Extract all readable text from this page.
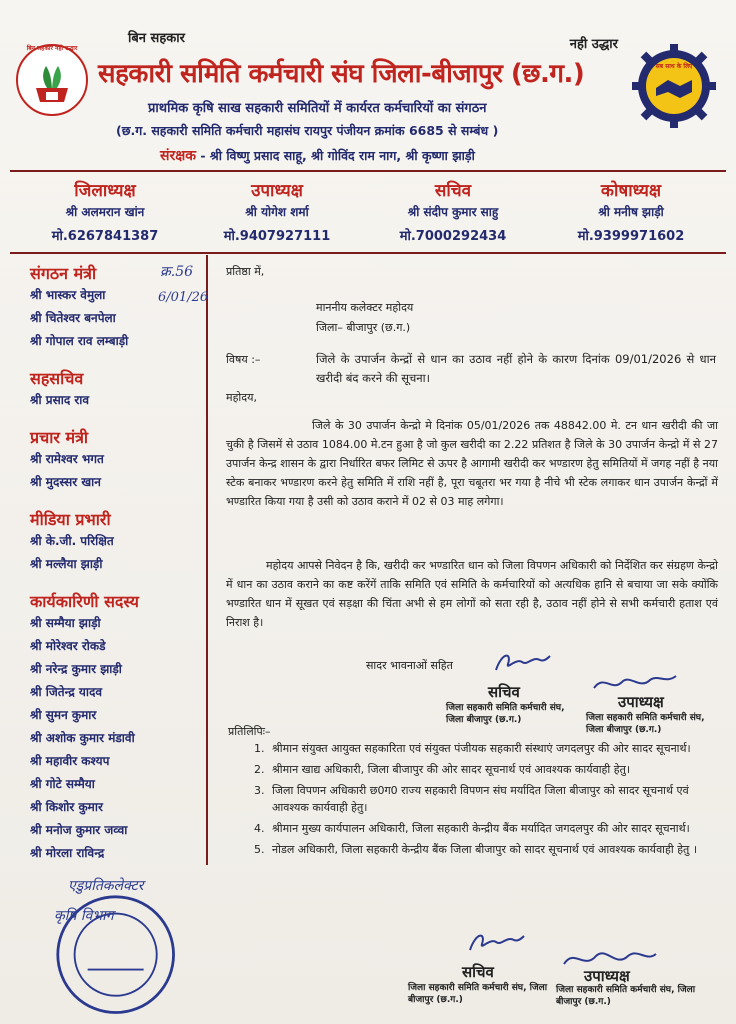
बिन सहकार नही उद्धार
बिन सहकार	नही उद्धार
सहकारी समिति कर्मचारी संघ जिला-बीजापुर (छ.ग.)
प्राथमिक कृषि साख सहकारी समितियों में कार्यरत कर्मचारियों का संगठन
(छ.ग. सहकारी समिति कर्मचारी महासंघ रायपुर पंजीयन क्रमांक 6685 से सम्बंध )
संरक्षक - श्री विष्णु प्रसाद साहू, श्री गोविंद राम नाग, श्री कृष्णा झाड़ी
सब साथ के लिए
जिलाध्यक्ष
श्री अलमरान खांन
मो.6267841387
उपाध्यक्ष
श्री योगेश शर्मा
मो.9407927111
सचिव
श्री संदीप कुमार साहु
मो.7000292434
कोषाध्यक्ष
श्री मनीष झाड़ी
मो.9399971602
संगठन मंत्री
श्री भास्कर वेमुला
श्री चितेश्वर बनपेला
श्री गोपाल राव लम्बाड़ी
सहसचिव
श्री प्रसाद राव
प्रचार मंत्री
श्री रामेश्वर भगत
श्री मुदस्सर खान
मीडिया प्रभारी
श्री के.जी. परिक्षित
श्री मल्लैया झाड़ी
कार्यकारिणी सदस्य
श्री सम्मैया झाड़ी
श्री मोरेश्वर रोकडे
श्री नरेन्द्र कुमार झाड़ी
श्री जितेन्द्र यादव
श्री सुमन कुमार
श्री अशोक कुमार मंडावी
श्री महावीर कश्यप
श्री गोटे सम्मैया
श्री किशोर कुमार
श्री मनोज कुमार जव्वा
श्री मोरला राविन्द्र
क्र.56
6/01/26
प्रतिष्ठा में,
माननीय कलेक्टर महोदय
जिला– बीजापुर (छ.ग.)
विषय :–	जिले के उपार्जन केन्द्रों से धान का उठाव नहीं होने के कारण दिनांक 09/01/2026 से धान खरीदी बंद करने की सूचना।
महोदय,
जिले के 30 उपार्जन केन्द्रो मे दिनांक 05/01/2026 तक 48842.00 मे. टन धान खरीदी की जा चुकी है जिसमें से उठाव 1084.00 मे.टन हुआ है जो कुल खरीदी का 2.22 प्रतिशत है जिले के 30 उपार्जन केन्द्रो में से 27 उपार्जन केन्द्र शासन के द्वारा निर्धारित बफर लिमिट से ऊपर है आगामी खरीदी कर भण्डारण हेतु समितियों में जगह नहीं है नया स्टेक बनाकर भण्डारण करने हेतु समिति में राशि नहीं है, पूरा चबूतरा भर गया है नीचे भी स्टेक लगाकर धान उपार्जन केन्द्रों में भण्डारित किया गया है उसी को उठाव कराने में 02 से 03 माह लगेगा।
महोदय आपसे निवेदन है कि, खरीदी कर भण्डारित धान को जिला विपणन अधिकारी को निर्देशित कर संग्रहण केन्द्रो में धान का उठाव कराने का कष्ट करेंगें ताकि समिति एवं समिति के कर्मचारियों को अत्यधिक हानि से बचाया जा सके क्योंकि भण्डारित धान में सूखत एवं सड़क्षा की चिंता अभी से हम लोगों को सता रही है, उठाव नहीं होने से सभी कर्मचारी हताश एवं निराश है।
सादर भावनाओं सहित
सचिव
जिला सहकारी समिति कर्मचारी संघ, जिला बीजापुर (छ.ग.)
उपाध्यक्ष
जिला सहकारी समिति कर्मचारी संघ, जिला बीजापुर (छ.ग.)
प्रतिलिपिः–
1. श्रीमान संयुक्त आयुक्त सहकारिता एवं संयुक्त पंजीयक सहकारी संस्थाएं जगदलपुर की ओर सादर सूचनार्थ।
2. श्रीमान खाद्य अधिकारी, जिला बीजापुर की ओर सादर सूचनार्थ एवं आवश्यक कार्यवाही हेतु।
3. जिला विपणन अधिकारी छ0ग0 राज्य सहकारी विपणन संघ मर्यादित जिला बीजापुर को सादर सूचनार्थ एवं आवश्यक कार्यवाही हेतु।
4. श्रीमान मुख्य कार्यपालन अधिकारी, जिला सहकारी केन्द्रीय बैंक मर्यादित जगदलपुर की ओर सादर सूचनार्थ।
5. नोडल अधिकारी, जिला सहकारी केन्द्रीय बैंक जिला बीजापुर को सादर सूचनार्थ एवं आवश्यक कार्यवाही हेतु ।
सचिव
जिला सहकारी समिति कर्मचारी संघ, जिला बीजापुर (छ.ग.)
उपाध्यक्ष
जिला सहकारी समिति कर्मचारी संघ, जिला बीजापुर (छ.ग.)
एडुप्रतिकलेक्टर
कृषि विभाग
